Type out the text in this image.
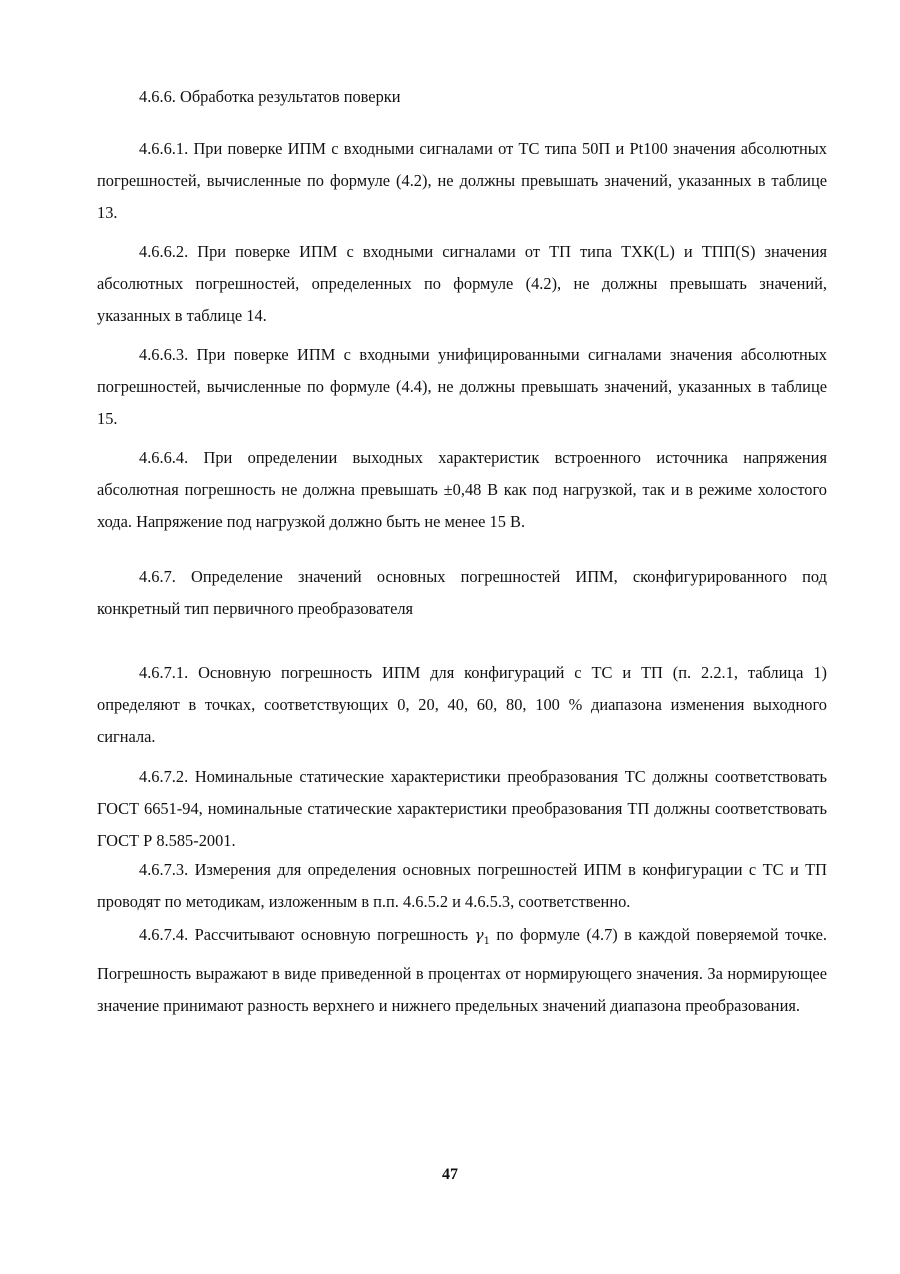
4.6.6. Обработка результатов поверки

4.6.6.1. При поверке ИПМ с входными сигналами от ТС типа 50П и Pt100 значения абсолютных погрешностей, вычисленные по формуле (4.2), не должны превышать значений, указанных в таблице 13.

4.6.6.2. При поверке ИПМ с входными сигналами от ТП типа ТХК(L) и ТПП(S) значения абсолютных погрешностей, определенных по формуле (4.2), не должны превышать значений, указанных в таблице 14.

4.6.6.3. При поверке ИПМ с входными унифицированными сигналами значения абсолютных погрешностей, вычисленные по формуле (4.4), не должны превышать значений, указанных в таблице 15.

4.6.6.4. При определении выходных характеристик встроенного источника напряжения абсолютная погрешность не должна превышать ±0,48 В как под нагрузкой, так и в режиме холостого хода. Напряжение под нагрузкой должно быть не менее 15 В.

4.6.7. Определение значений основных погрешностей ИПМ, сконфигурированного под конкретный тип первичного преобразователя

4.6.7.1. Основную погрешность ИПМ для конфигураций с ТС и ТП (п. 2.2.1, таблица 1) определяют в точках, соответствующих 0, 20, 40, 60, 80, 100 % диапазона изменения выходного сигнала.

4.6.7.2. Номинальные статические характеристики преобразования ТС должны соответствовать ГОСТ 6651-94, номинальные статические характеристики преобразования ТП должны соответствовать ГОСТ Р 8.585-2001.

4.6.7.3. Измерения для определения основных погрешностей ИПМ в конфигурации с ТС и ТП проводят по методикам, изложенным в п.п. 4.6.5.2 и 4.6.5.3, соответственно.

4.6.7.4. Рассчитывают основную погрешность $\gamma_1$ по формуле (4.7) в каждой поверяемой точке. Погрешность выражают в виде приведенной в процентах от нормирующего значения. За нормирующее значение принимают разность верхнего и нижнего предельных значений диапазона преобразования.

47
